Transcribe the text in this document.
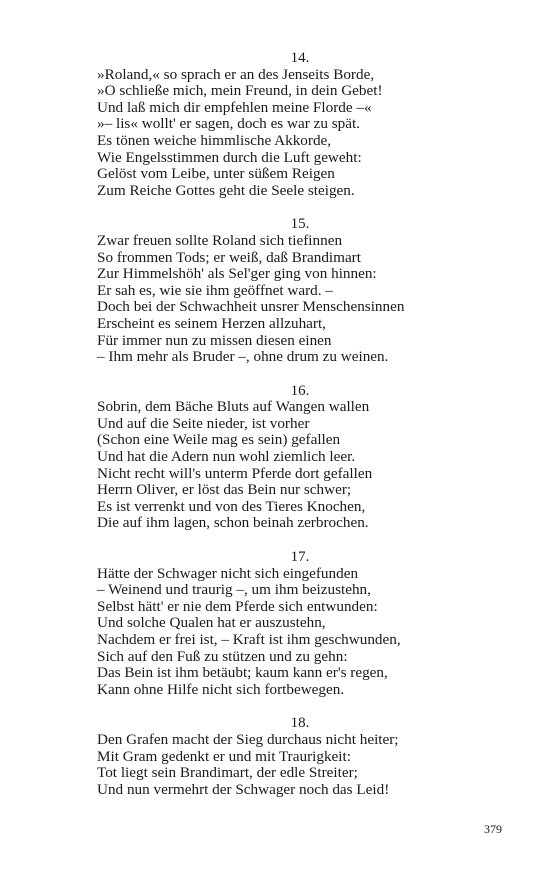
14.
»Roland,« so sprach er an des Jenseits Borde,
»O schließe mich, mein Freund, in dein Gebet!
Und laß mich dir empfehlen meine Florde –«
»– lis« wollt' er sagen, doch es war zu spät.
Es tönen weiche himmlische Akkorde,
Wie Engelsstimmen durch die Luft geweht:
Gelöst vom Leibe, unter süßem Reigen
Zum Reiche Gottes geht die Seele steigen.
15.
Zwar freuen sollte Roland sich tiefinnen
So frommen Tods; er weiß, daß Brandimart
Zur Himmelshöh' als Sel'ger ging von hinnen:
Er sah es, wie sie ihm geöffnet ward. –
Doch bei der Schwachheit unsrer Menschensinnen
Erscheint es seinem Herzen allzuhart,
Für immer nun zu missen diesen einen
– Ihm mehr als Bruder –, ohne drum zu weinen.
16.
Sobrin, dem Bäche Bluts auf Wangen wallen
Und auf die Seite nieder, ist vorher
(Schon eine Weile mag es sein) gefallen
Und hat die Adern nun wohl ziemlich leer.
Nicht recht will's unterm Pferde dort gefallen
Herrn Oliver, er löst das Bein nur schwer;
Es ist verrenkt und von des Tieres Knochen,
Die auf ihm lagen, schon beinah zerbrochen.
17.
Hätte der Schwager nicht sich eingefunden
– Weinend und traurig –, um ihm beizustehn,
Selbst hätt' er nie dem Pferde sich entwunden:
Und solche Qualen hat er auszustehn,
Nachdem er frei ist, – Kraft ist ihm geschwunden,
Sich auf den Fuß zu stützen und zu gehn:
Das Bein ist ihm betäubt; kaum kann er's regen,
Kann ohne Hilfe nicht sich fortbewegen.
18.
Den Grafen macht der Sieg durchaus nicht heiter;
Mit Gram gedenkt er und mit Traurigkeit:
Tot liegt sein Brandimart, der edle Streiter;
Und nun vermehrt der Schwager noch das Leid!
379
